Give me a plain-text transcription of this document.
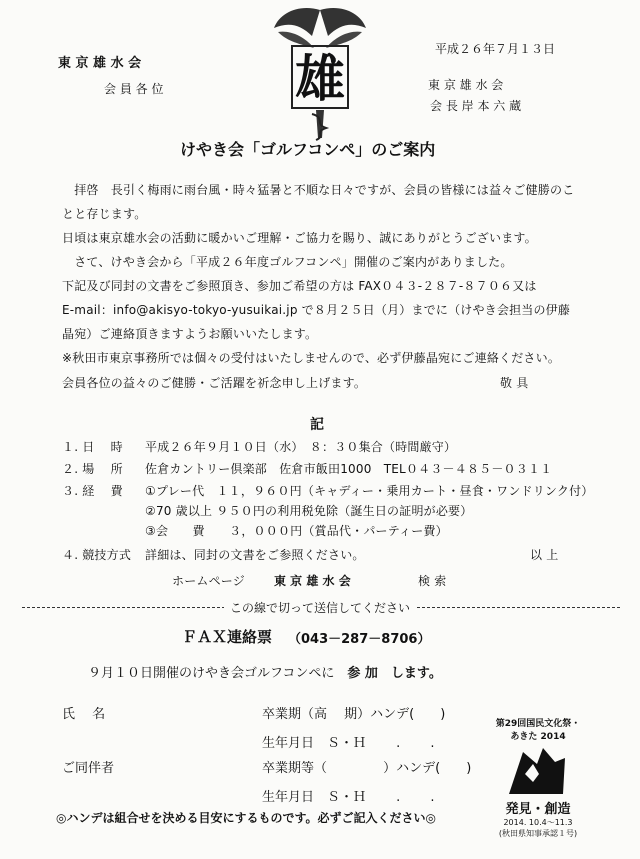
雄
東 京 雄 水 会
会 員 各 位
平成２６年７月１３日
東 京 雄 水 会
会 長 岸 本 六 蔵
けやき会「ゴルフコンペ」のご案内
　拝啓　長引く梅雨に雨台風・時々猛暑と不順な日々ですが、会員の皆様には益々ご健勝のこ
とと存じます。
日頃は東京雄水会の活動に暖かいご理解・ご協力を賜り、誠にありがとうございます。
　さて、けやき会から「平成２６年度ゴルフコンペ」開催のご案内がありました。
下記及び同封の文書をご参照頂き、参加ご希望の方は FAX０４３-２８７-８７０６又は
E-mail：info@akisyo-tokyo-yusuikai.jp で８月２５日（月）までに（けやき会担当の伊藤
晶宛）ご連絡頂きますようお願いいたします。
※秋田市東京事務所では個々の受付はいたしませんので、必ず伊藤晶宛にご連絡ください。
会員各位の益々のご健勝・ご活躍を祈念申し上げます。	敬 具
記
１. 日　 時 平成２６年９月１０日（水）　８：３０集合（時間厳守）
２. 場　 所 佐倉カントリー倶楽部　佐倉市飯田1000　TEL０４３－４８５－０３１１
３. 経　 費 ①プレー代　１１，９６０円（キャディー・乗用カート・昼食・ワンドリンク付）
②70 歳以上 ９５０円の利用税免除（誕生日の証明が必要）
③会　　費　　３，０００円（賞品代・パーティー費）
４. 競技方式 詳細は、同封の文書をご参照ください。	以 上
ホームページ 東 京 雄 水 会	検 索
この線で切って送信してください
ＦＡＸ連絡票 （043－287－8706）
９月１０日開催のけやき会ゴルフコンペに　 参 加　 します。
氏　 名	卒業期（高　 期）ハンデ(　　)
生年月日　Ｓ・Ｈ　　 .　　 .
ご同伴者	卒業期等（　　　　 ）ハンデ(　　)
生年月日　Ｓ・Ｈ　　 .　　 .
◎ハンデは組合せを決める目安にするものです。必ずご記入ください◎
第29回国民文化祭・
あきた 2014
発見・創造
2014. 10.4～11.3
(秋田県知事承認１号)
